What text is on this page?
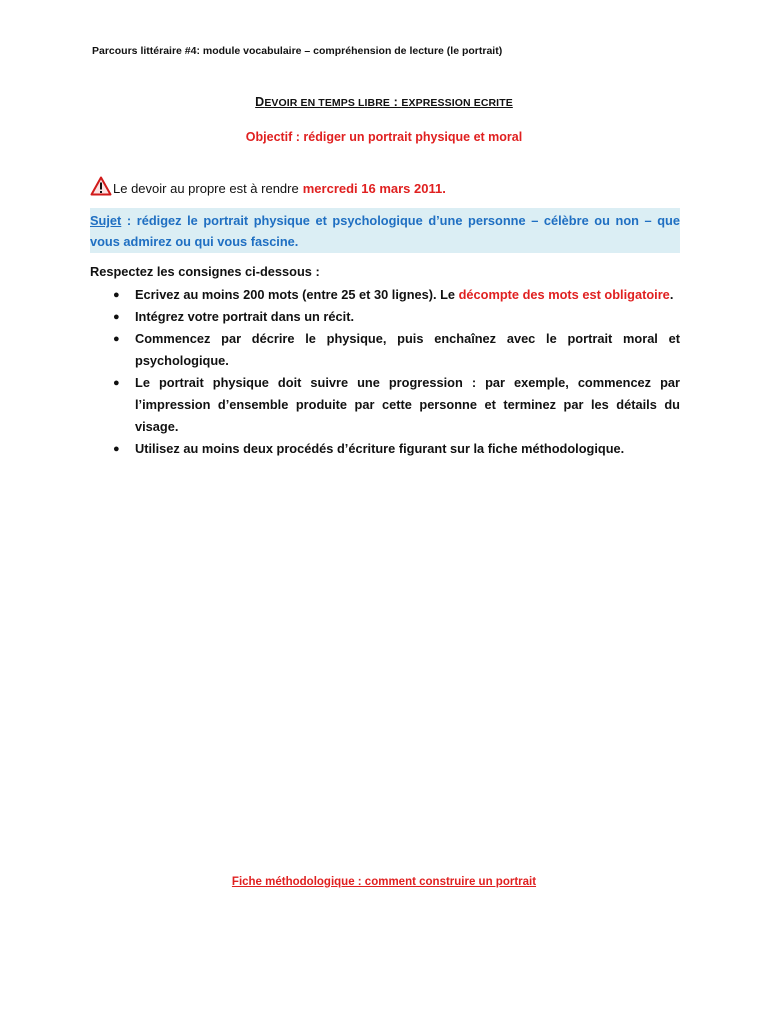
Parcours littéraire #4: module vocabulaire – compréhension de lecture (le portrait)
DEVOIR EN TEMPS LIBRE : EXPRESSION ECRITE
Objectif : rédiger un portrait physique et moral
Le devoir au propre est à rendre mercredi 16 mars 2011.
Sujet : rédigez le portrait physique et psychologique d’une personne – célèbre ou non – que vous admirez ou qui vous fascine.
Respectez les consignes ci-dessous :
● Ecrivez au moins 200 mots (entre 25 et 30 lignes). Le décompte des mots est obligatoire.
● Intégrez votre portrait dans un récit.
● Commencez par décrire le physique, puis enchaînez avec le portrait moral et psychologique.
● Le portrait physique doit suivre une progression : par exemple, commencez par l’impression d’ensemble produite par cette personne et terminez par les détails du visage.
● Utilisez au moins deux procédés d’écriture figurant sur la fiche méthodologique.
Fiche méthodologique : comment construire un portrait
